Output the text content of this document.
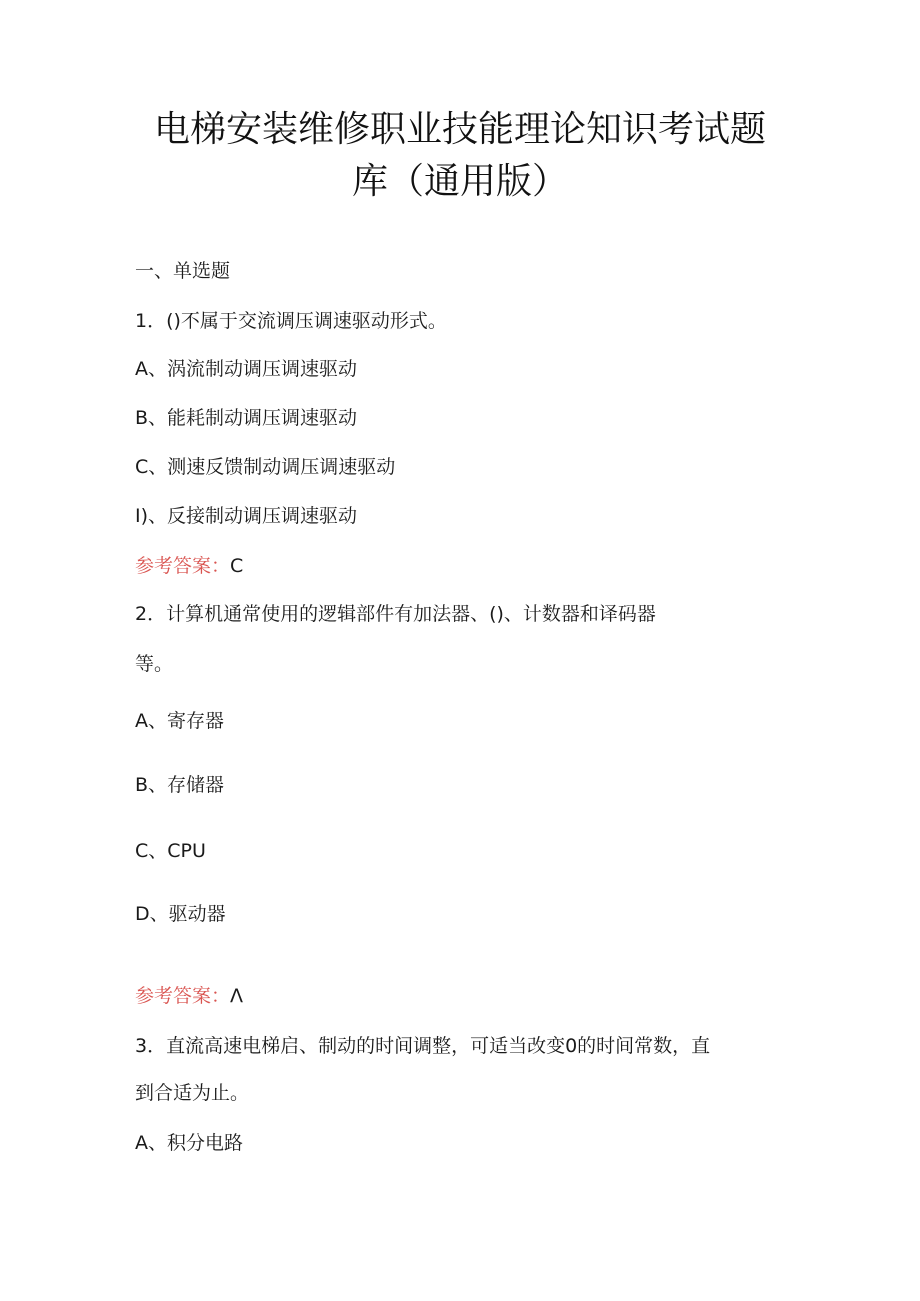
电梯安装维修职业技能理论知识考试题
库（通用版）
一、单选题
1．()不属于交流调压调速驱动形式。
A、涡流制动调压调速驱动
B、能耗制动调压调速驱动
C、测速反馈制动调压调速驱动
I)、反接制动调压调速驱动
参考答案：C
2．计算机通常使用的逻辑部件有加法器、()、计数器和译码器
等。
A、寄存器
B、存储器
C、CPU
D、驱动器
参考答案：Λ
3．直流高速电梯启、制动的时间调整，可适当改变0的时间常数，直
到合适为止。
A、积分电路
